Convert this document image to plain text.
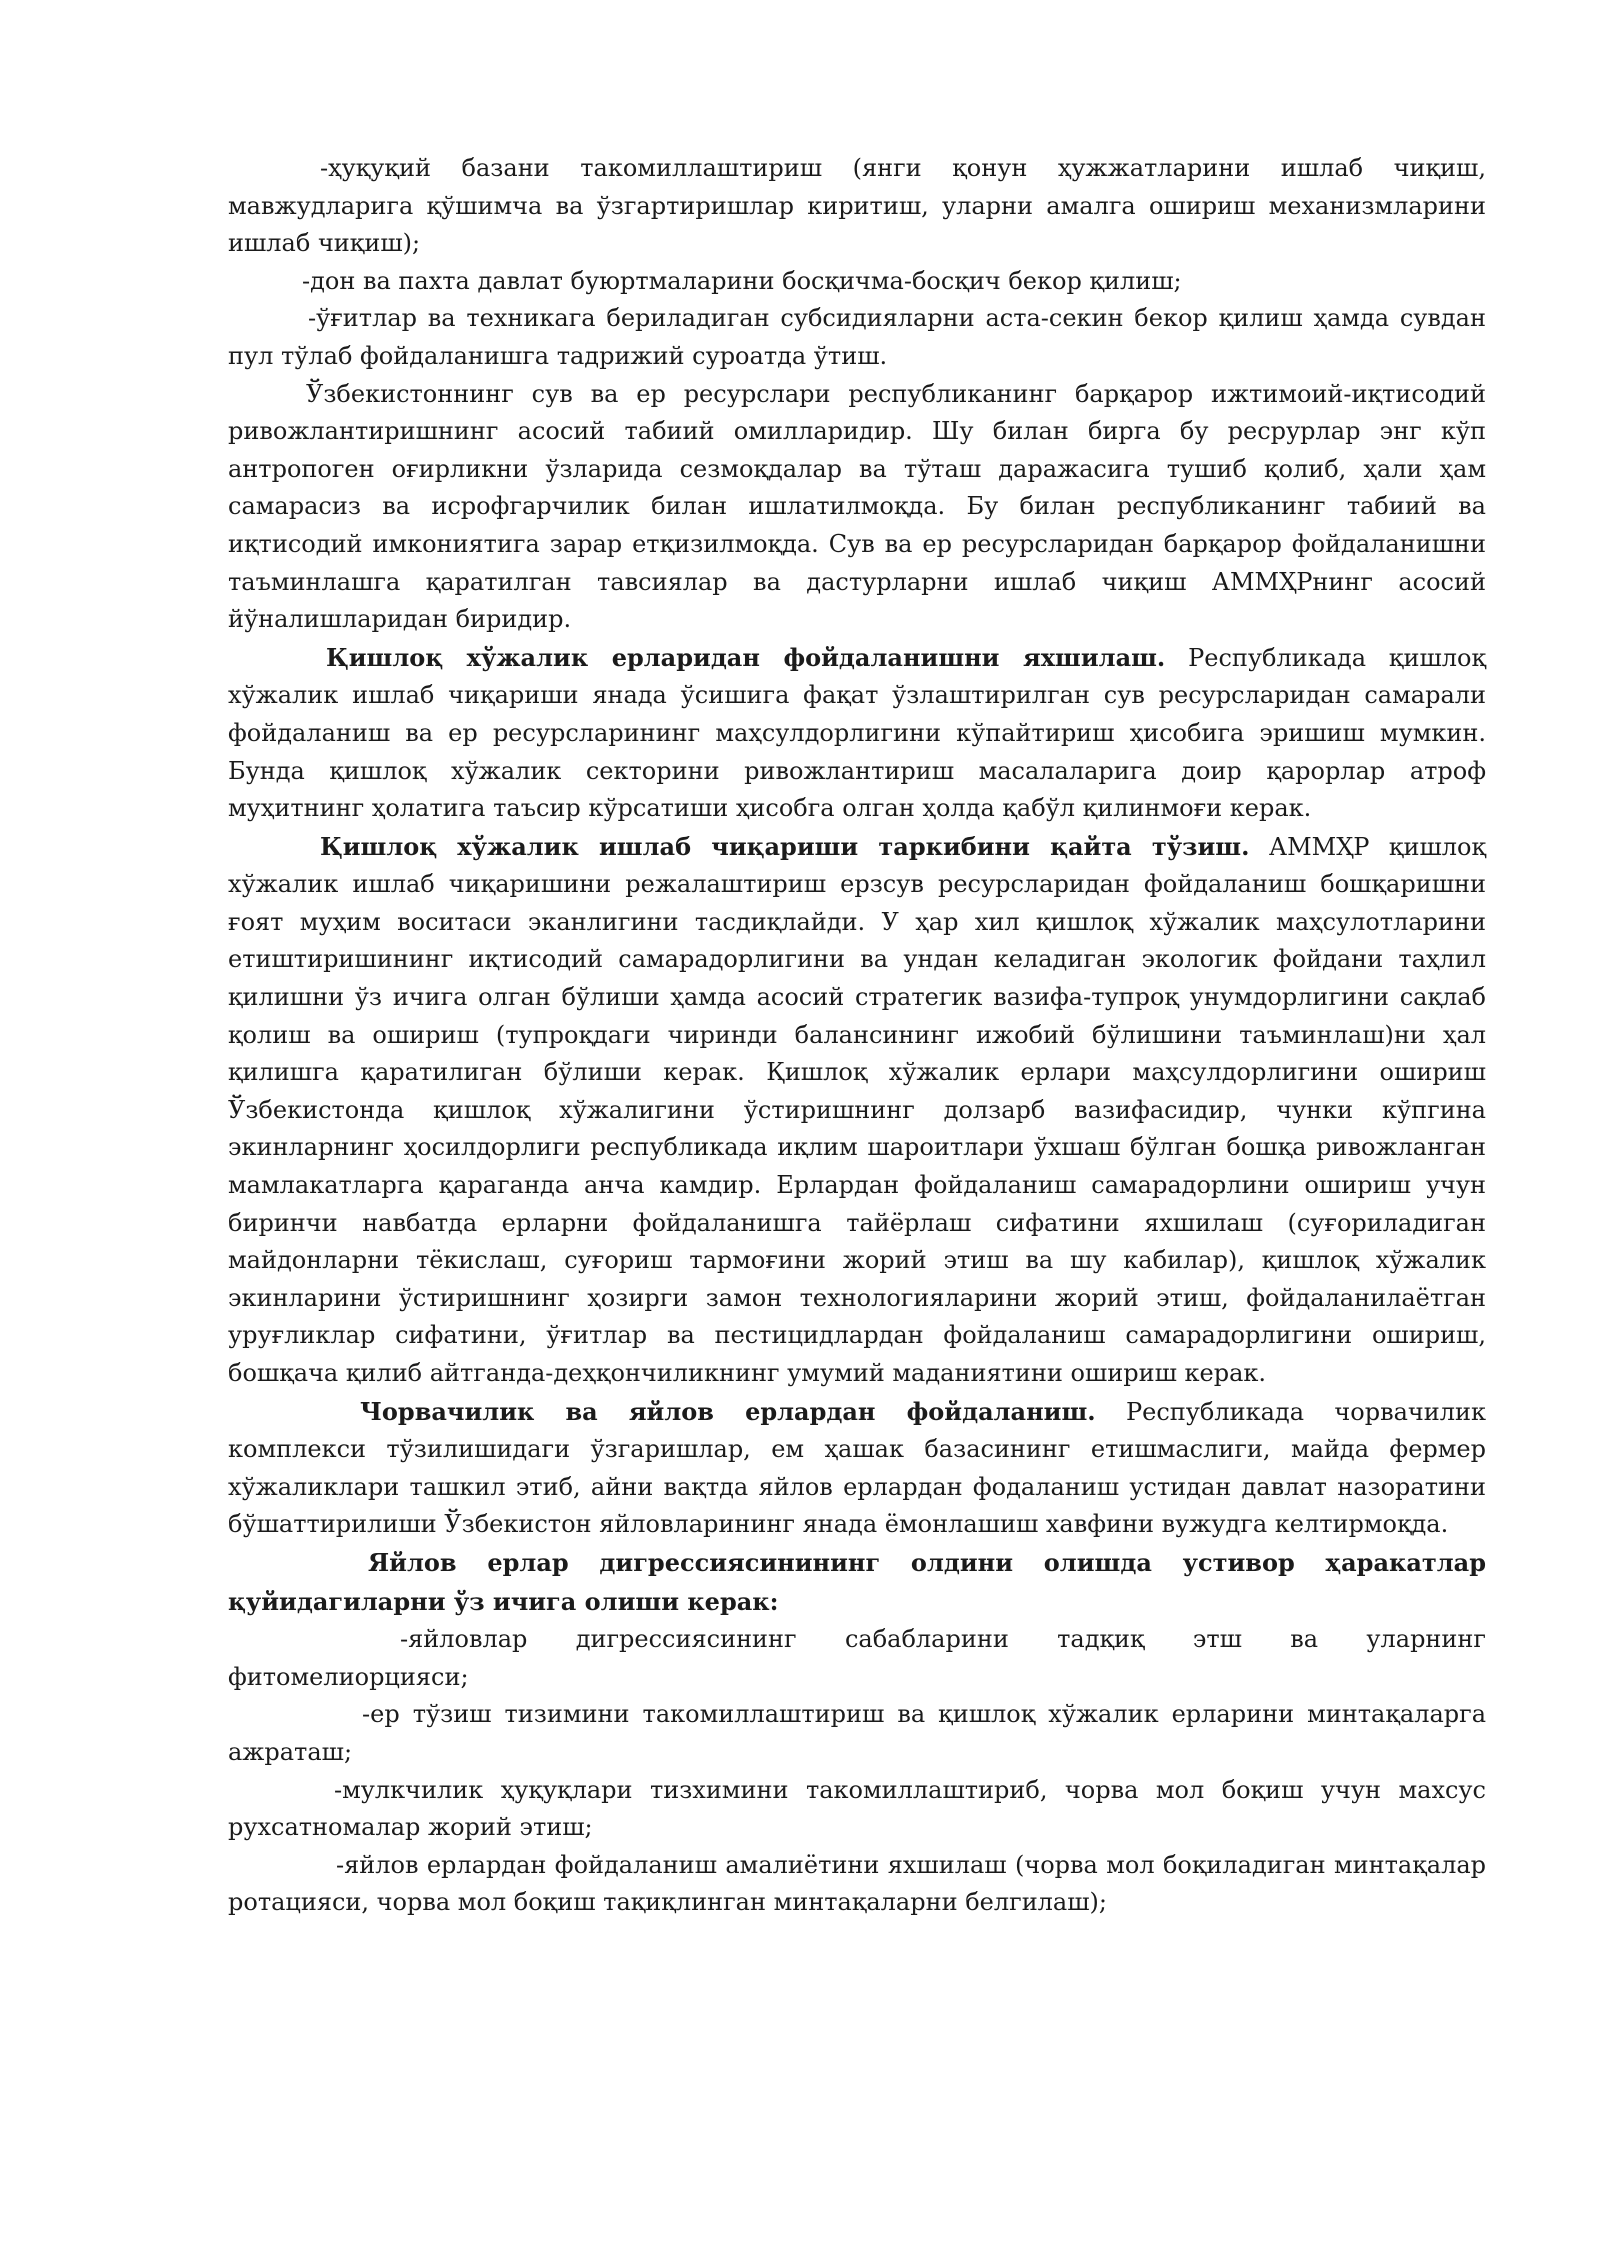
-ҳуқуқий базани такомиллаштириш (янги қонун ҳужжатларини ишлаб чиқиш, мавжудларига қўшимча ва ўзгартиришлар киритиш, уларни амалга ошириш механизмларини ишлаб чиқиш);

-дон ва пахта давлат буюртмаларини босқичма-босқич бекор қилиш;

-ўғитлар ва техникага бериладиган субсидияларни аста-секин бекор қилиш ҳамда сувдан пул тўлаб фойдаланишга тадрижий суроатда ўтиш.

Ўзбекистоннинг сув ва ер ресурслари республиканинг барқарор ижтимоий-иқтисодий ривожлантиришнинг асосий табиий омилларидир. Шу билан бирга бу ресрурлар энг кўп антропоген оғирликни ўзларида сезмоқдалар ва тўташ даражасига тушиб қолиб, ҳали ҳам самарасиз ва исрофгарчилик билан ишлатилмоқда. Бу билан республиканинг табиий ва иқтисодий имкониятига зарар етқизилмоқда. Сув ва ер ресурсларидан барқарор фойдаланишни таъминлашга қаратилган тавсиялар ва дастурларни ишлаб чиқиш АММҲРнинг асосий йўналишларидан биридир.

Қишлоқ хўжалик ерларидан фойдаланишни яхшилаш. Республикада қишлоқ хўжалик ишлаб чиқариши янада ўсишига фақат ўзлаштирилган сув ресурсларидан самарали фойдаланиш ва ер ресурсларининг маҳсулдорлигини кўпайтириш ҳисобига эришиш мумкин. Бунда қишлоқ хўжалик секторини ривожлантириш масалаларига доир қарорлар атроф муҳитнинг ҳолатига таъсир кўрсатиши ҳисобга олган ҳолда қабўл қилинмоғи керак.

Қишлоқ хўжалик ишлаб чиқариши таркибини қайта тўзиш. АММҲР қишлоқ хўжалик ишлаб чиқаришини режалаштириш ерзсув ресурсларидан фойдаланиш бошқаришни ғоят муҳим воситаси эканлигини тасдиқлайди. У ҳар хил қишлоқ хўжалик маҳсулотларини етиштиришининг иқтисодий самарадорлигини ва ундан келадиган экологик фойдани таҳлил қилишни ўз ичига олган бўлиши ҳамда асосий стратегик вазифа-тупроқ унумдорлигини сақлаб қолиш ва ошириш (тупроқдаги чиринди балансининг ижобий бўлишини таъминлаш)ни ҳал қилишга қаратилиган бўлиши керак. Қишлоқ хўжалик ерлари маҳсулдорлигини ошириш Ўзбекистонда қишлоқ хўжалигини ўстиришнинг долзарб вазифасидир, чунки кўпгина экинларнинг ҳосилдорлиги республикада иқлим шароитлари ўхшаш бўлган бошқа ривожланган мамлакатларга қараганда анча камдир. Ерлардан фойдаланиш самарадорлини ошириш учун биринчи навбатда ерларни фойдаланишга тайёрлаш сифатини яхшилаш (суғориладиган майдонларни тёкислаш, суғориш тармоғини жорий этиш ва шу кабилар), қишлоқ хўжалик экинларини ўстиришнинг ҳозирги замон технологияларини жорий этиш, фойдаланилаётган уруғликлар сифатини, ўғитлар ва пестицидлардан фойдаланиш самарадорлигини ошириш, бошқача қилиб айтганда-деҳқончиликнинг умумий маданиятини ошириш керак.

Чорвачилик ва яйлов ерлардан фойдаланиш. Республикада чорвачилик комплекси тўзилишидаги ўзгаришлар, ем ҳашак базасининг етишмаслиги, майда фермер хўжаликлари ташкил этиб, айни вақтда яйлов ерлардан фодаланиш устидан давлат назоратини бўшаттирилиши Ўзбекистон яйловларининг янада ёмонлашиш хавфини вужудга келтирмоқда.

Яйлов ерлар дигрессиясинининг олдини олишда устивор ҳаракатлар қуйидагиларни ўз ичига олиши керак:

-яйловлар дигрессиясининг сабабларини тадқиқ этш ва уларнинг фитомелиорцияси;

-ер тўзиш тизимини такомиллаштириш ва қишлоқ хўжалик ерларини минтақаларга ажраташ;

-мулкчилик ҳуқуқлари тизхимини такомиллаштириб, чорва мол боқиш учун махсус рухсатномалар жорий этиш;

-яйлов ерлардан фойдаланиш амалиётини яхшилаш (чорва мол боқиладиган минтақалар ротацияси, чорва мол боқиш тақиқлинган минтақаларни белгилаш);
